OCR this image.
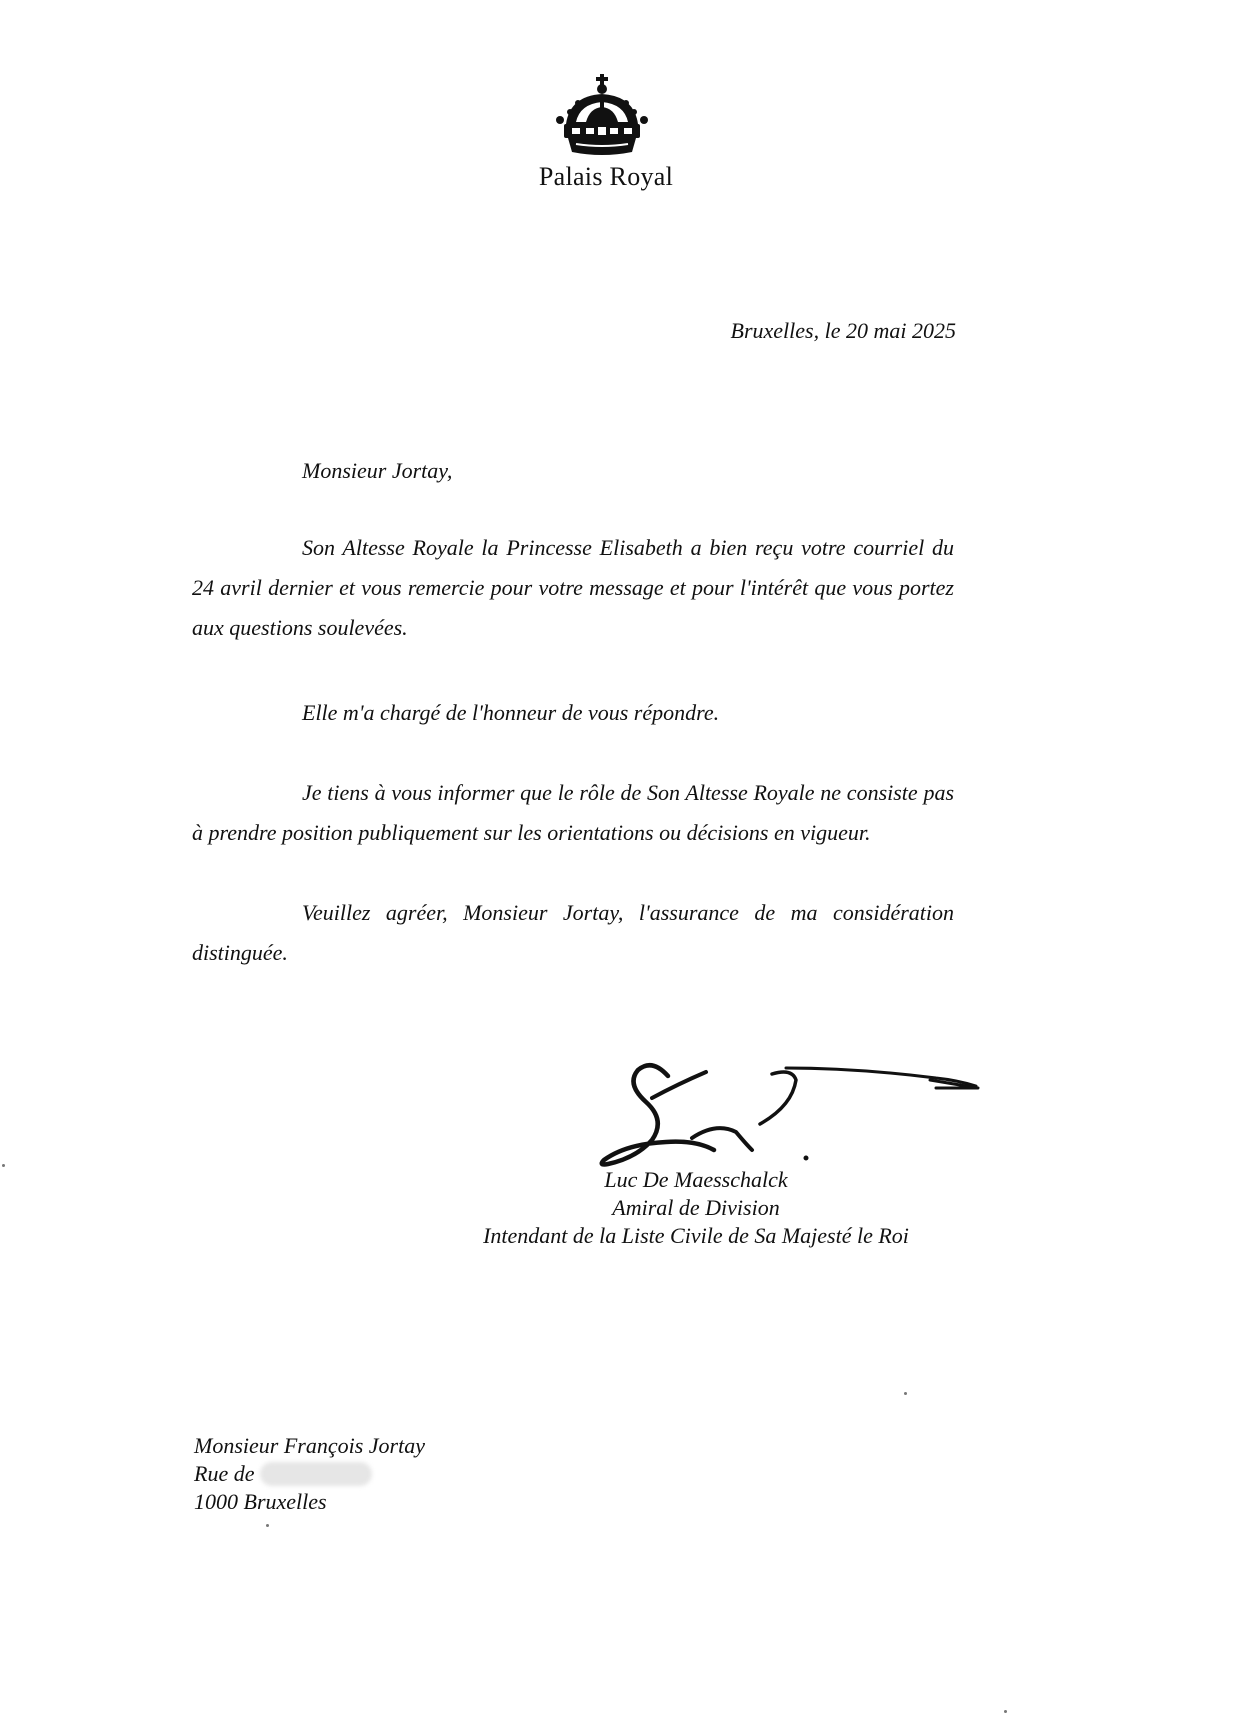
Palais Royal
Bruxelles, le 20 mai 2025
Monsieur Jortay,

Son Altesse Royale la Princesse Elisabeth a bien reçu votre courriel du 24 avril dernier et vous remercie pour votre message et pour l'intérêt que vous portez aux questions soulevées.

Elle m'a chargé de l'honneur de vous répondre.

Je tiens à vous informer que le rôle de Son Altesse Royale ne consiste pas à prendre position publiquement sur les orientations ou décisions en vigueur.

Veuillez agréer, Monsieur Jortay, l'assurance de ma considération distinguée.

Luc De Maesschalck
Amiral de Division
Intendant de la Liste Civile de Sa Majesté le Roi
Monsieur François Jortay
Rue de
1000 Bruxelles
